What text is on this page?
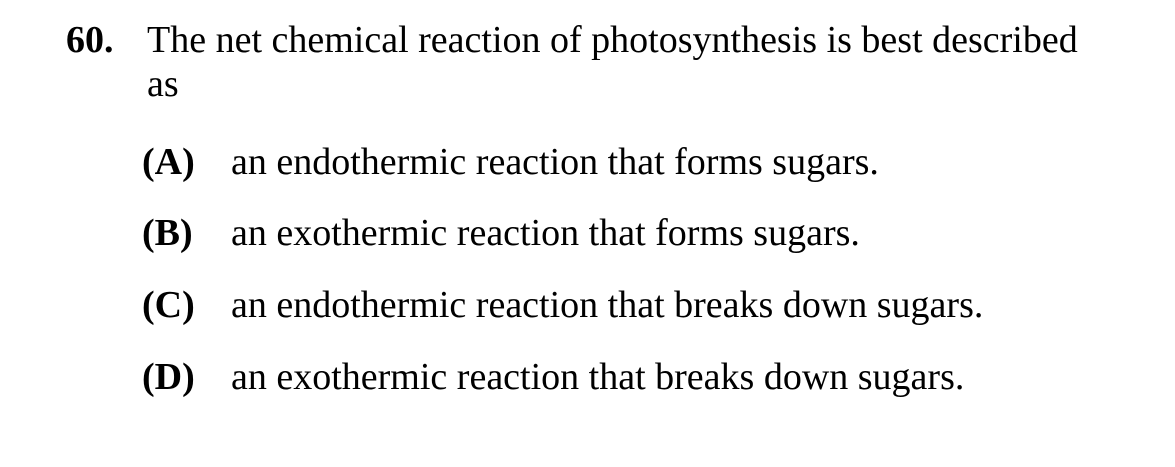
60. The net chemical reaction of photosynthesis is best described as
(A) an endothermic reaction that forms sugars.
(B) an exothermic reaction that forms sugars.
(C) an endothermic reaction that breaks down sugars.
(D) an exothermic reaction that breaks down sugars.
